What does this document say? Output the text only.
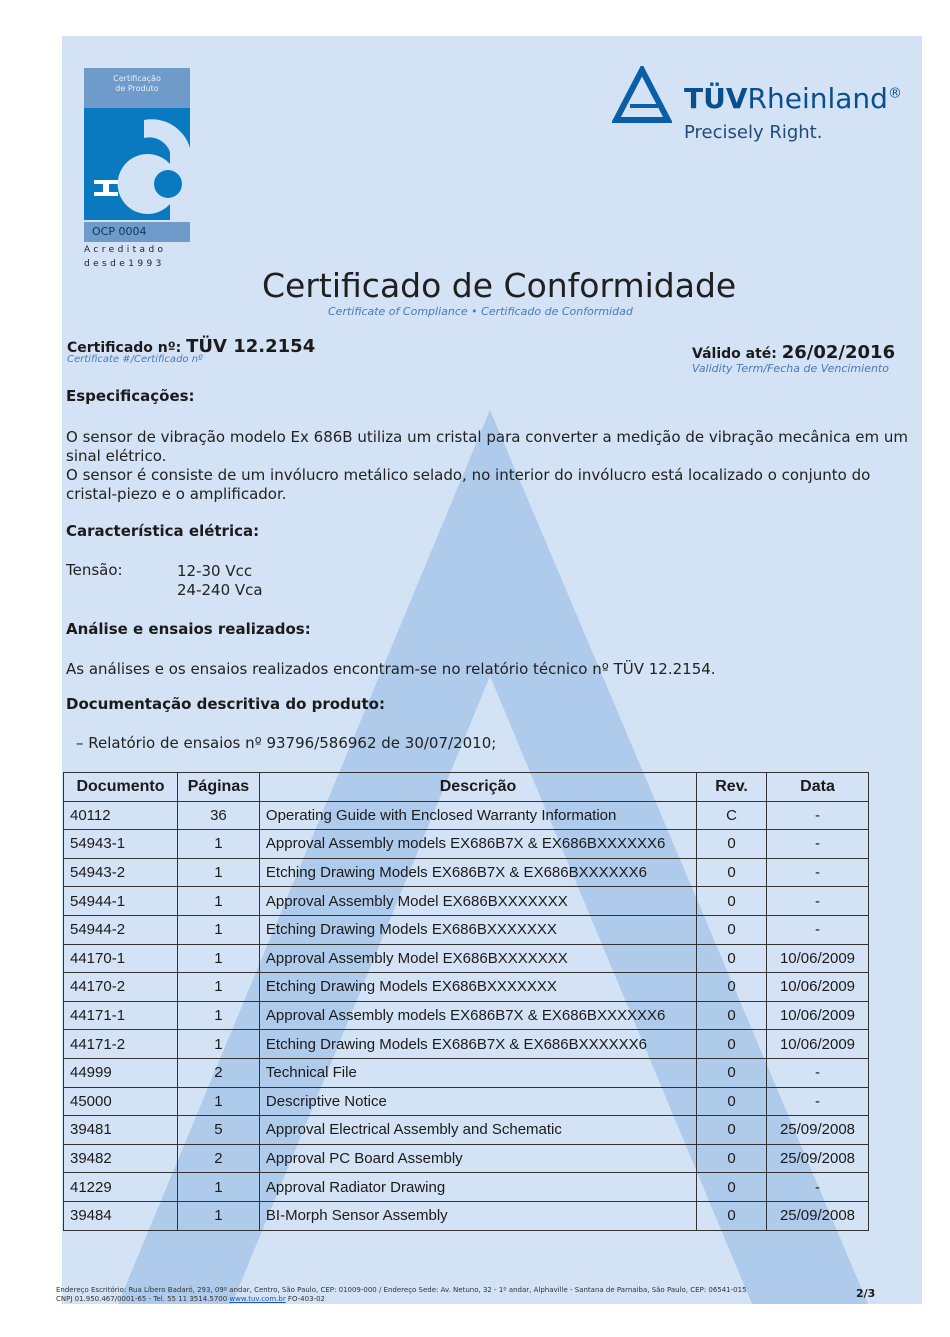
Certificação
de Produto
OCP 0004
Acreditado
desde1993
TÜVRheinland®
Precisely Right.
Certificado de Conformidade
Certificate of Compliance • Certificado de Conformidad
Certificado nº: TÜV 12.2154
Certificate #/Certificado nº	Válido até: 26/02/2016
Validity Term/Fecha de Vencimiento
Especificações:
O sensor de vibração modelo Ex 686B utiliza um cristal para converter a medição de vibração mecânica em um sinal elétrico.
O sensor é consiste de um invólucro metálico selado, no interior do invólucro está localizado o conjunto do cristal-piezo e o amplificador.
Característica elétrica:
Tensão:	12-30 Vcc
24-240 Vca
Análise e ensaios realizados:
As análises e os ensaios realizados encontram-se no relatório técnico nº TÜV 12.2154.
Documentação descritiva do produto:
– Relatório de ensaios nº 93796/586962 de 30/07/2010;
Documento	Páginas	Descrição	Rev.	Data
40112	36	Operating Guide with Enclosed Warranty Information	C	-
54943-1	1	Approval Assembly models EX686B7X & EX686BXXXXXX6	0	-
54943-2	1	Etching Drawing Models EX686B7X & EX686BXXXXXX6	0	-
54944-1	1	Approval Assembly Model EX686BXXXXXXX	0	-
54944-2	1	Etching Drawing Models EX686BXXXXXXX	0	-
44170-1	1	Approval Assembly Model EX686BXXXXXXX	0	10/06/2009
44170-2	1	Etching Drawing Models EX686BXXXXXXX	0	10/06/2009
44171-1	1	Approval Assembly models EX686B7X & EX686BXXXXXX6	0	10/06/2009
44171-2	1	Etching Drawing Models EX686B7X & EX686BXXXXXX6	0	10/06/2009
44999	2	Technical File	0	-
45000	1	Descriptive Notice	0	-
39481	5	Approval Electrical Assembly and Schematic	0	25/09/2008
39482	2	Approval PC Board Assembly	0	25/09/2008
41229	1	Approval Radiator Drawing	0	-
39484	1	BI-Morph Sensor Assembly	0	25/09/2008
Endereço Escritório: Rua Líbero Badaró, 293, 09º andar, Centro, São Paulo, CEP: 01009-000 / Endereço Sede: Av. Netuno, 32 - 1º andar, Alphaville - Santana de Parnaiba, São Paulo, CEP: 06541-015
CNPJ 01.950.467/0001-65 - Tel. 55 11 3514.5700 www.tuv.com.br FO-403-02	2/3
